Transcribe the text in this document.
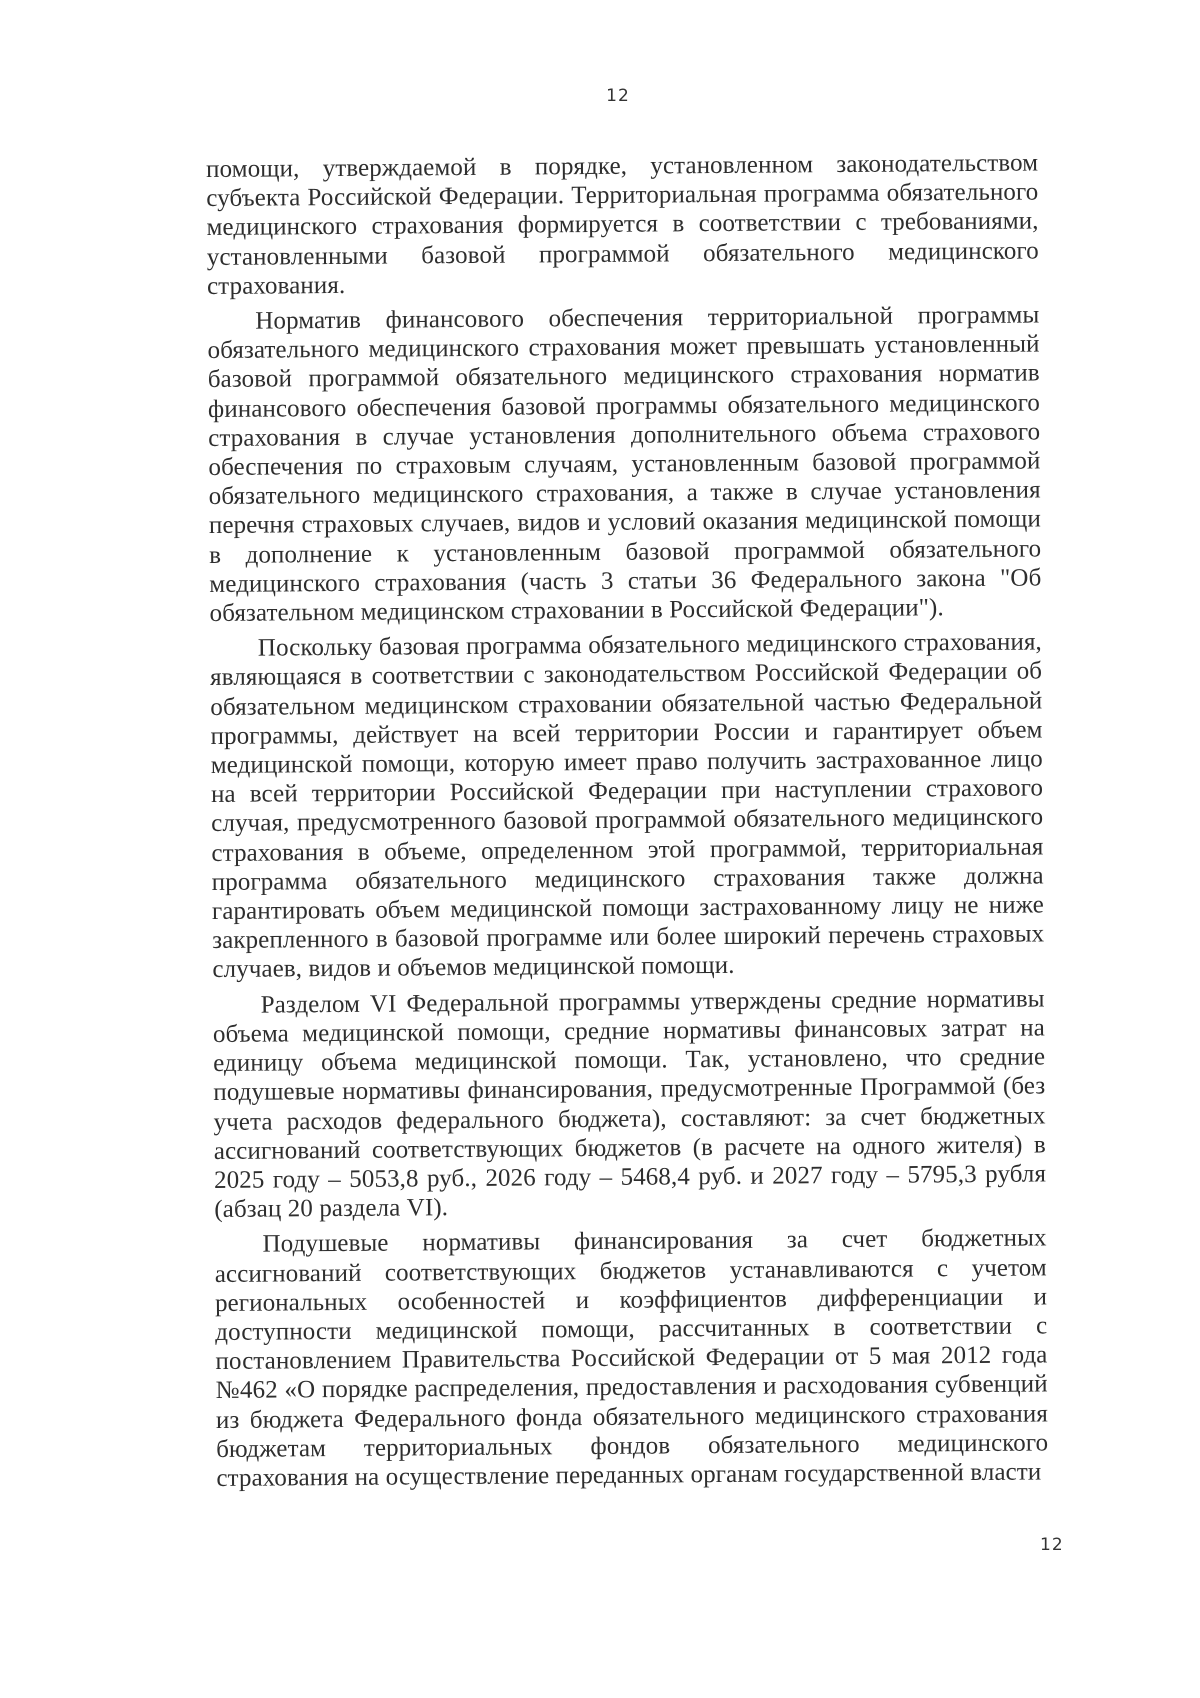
12

помощи, утверждаемой в порядке, установленном законодательством субъекта Российской Федерации. Территориальная программа обязательного медицинского страхования формируется в соответствии с требованиями, установленными базовой программой обязательного медицинского страхования.

Норматив финансового обеспечения территориальной программы обязательного медицинского страхования может превышать установленный базовой программой обязательного медицинского страхования норматив финансового обеспечения базовой программы обязательного медицинского страхования в случае установления дополнительного объема страхового обеспечения по страховым случаям, установленным базовой программой обязательного медицинского страхования, а также в случае установления перечня страховых случаев, видов и условий оказания медицинской помощи в дополнение к установленным базовой программой обязательного медицинского страхования (часть 3 статьи 36 Федерального закона "Об обязательном медицинском страховании в Российской Федерации").

Поскольку базовая программа обязательного медицинского страхования, являющаяся в соответствии с законодательством Российской Федерации об обязательном медицинском страховании обязательной частью Федеральной программы, действует на всей территории России и гарантирует объем медицинской помощи, которую имеет право получить застрахованное лицо на всей территории Российской Федерации при наступлении страхового случая, предусмотренного базовой программой обязательного медицинского страхования в объеме, определенном этой программой, территориальная программа обязательного медицинского страхования также должна гарантировать объем медицинской помощи застрахованному лицу не ниже закрепленного в базовой программе или более широкий перечень страховых случаев, видов и объемов медицинской помощи.

Разделом VI Федеральной программы утверждены средние нормативы объема медицинской помощи, средние нормативы финансовых затрат на единицу объема медицинской помощи. Так, установлено, что средние подушевые нормативы финансирования, предусмотренные Программой (без учета расходов федерального бюджета), составляют: за счет бюджетных ассигнований соответствующих бюджетов (в расчете на одного жителя) в 2025 году – 5053,8 руб., 2026 году – 5468,4 руб. и 2027 году – 5795,3 рубля (абзац 20 раздела VI).

Подушевые нормативы финансирования за счет бюджетных ассигнований соответствующих бюджетов устанавливаются с учетом региональных особенностей и коэффициентов дифференциации и доступности медицинской помощи, рассчитанных в соответствии с постановлением Правительства Российской Федерации от 5 мая 2012 года №462 «О порядке распределения, предоставления и расходования субвенций из бюджета Федерального фонда обязательного медицинского страхования бюджетам территориальных фондов обязательного медицинского страхования на осуществление переданных органам государственной власти

12
